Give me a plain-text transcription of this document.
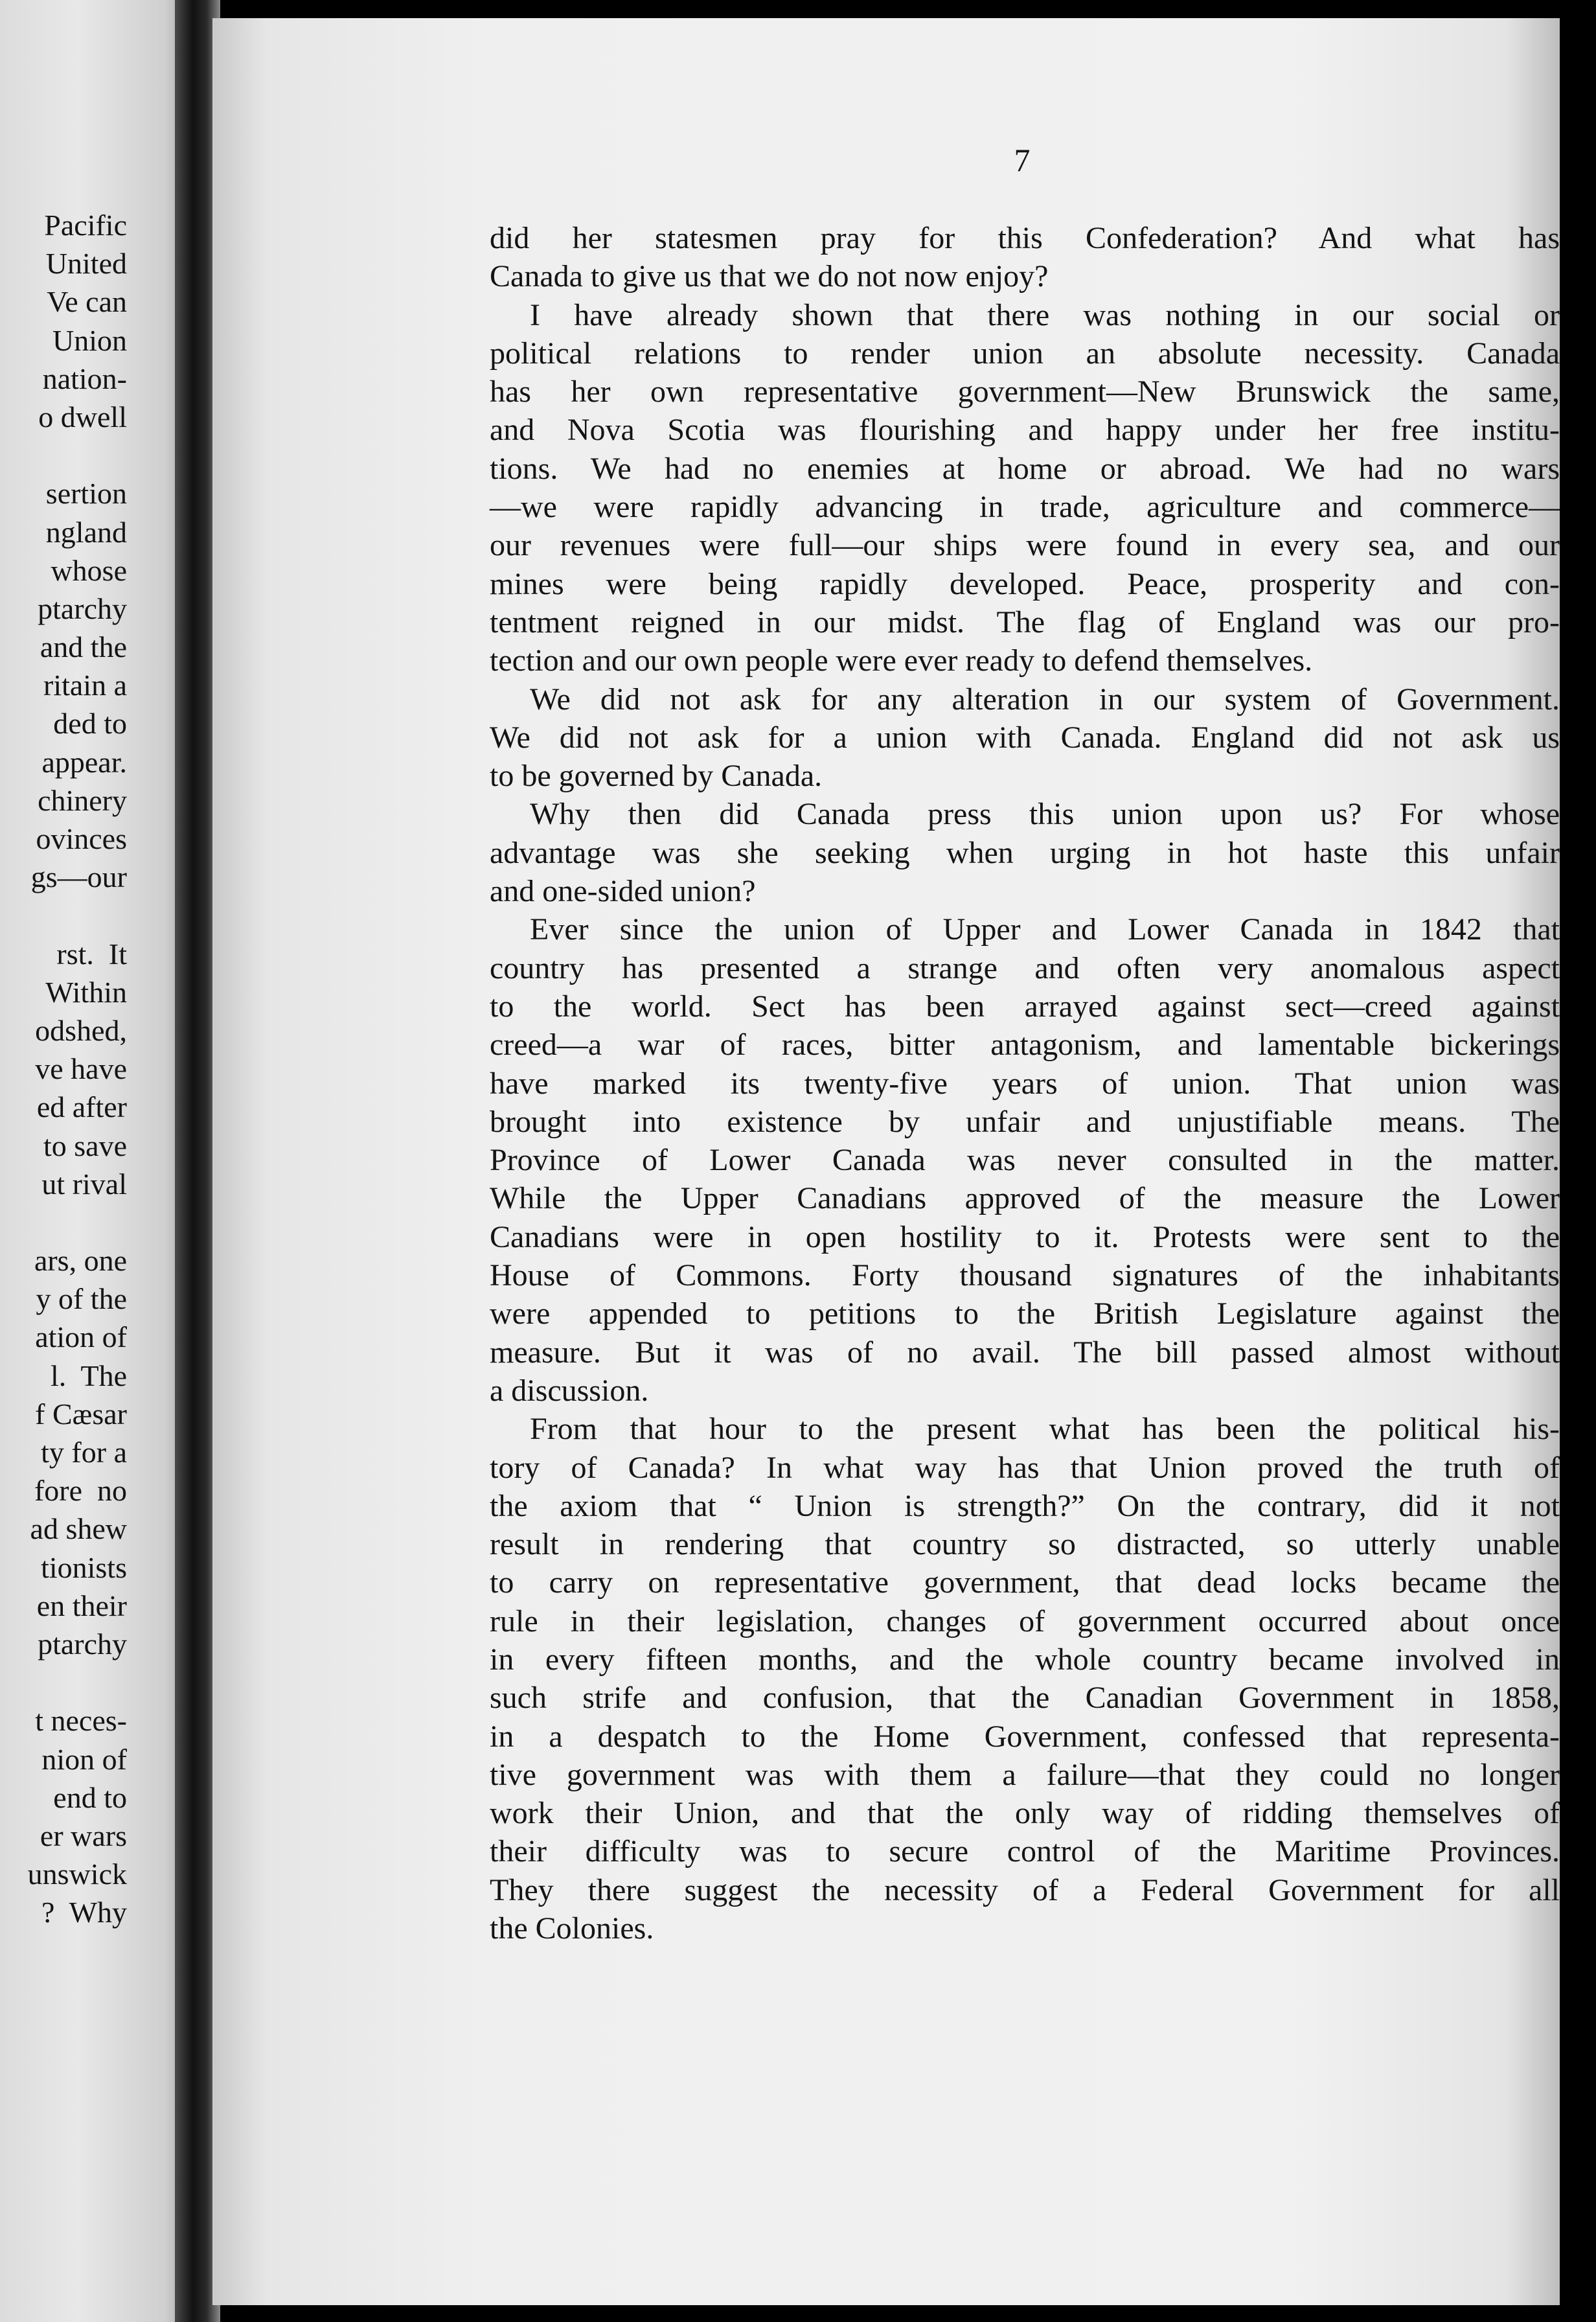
Pacific
United
Ve can
Union
nation-
o dwell
sertion
ngland
whose
ptarchy
and the
ritain a
ded to
appear.
chinery
ovinces
gs—our
rst.  It
Within
odshed,
ve have
ed after
to save
ut rival
ars, one
y of the
ation of
l.  The
f Cæsar
ty for a
fore  no
ad shew
tionists
en their
ptarchy
t neces-
nion of
end to
er wars
unswick
?  Why
7
did her statesmen pray for this Confederation? And what has
Canada to give us that we do not now enjoy?
I have already shown that there was nothing in our social or
political relations to render union an absolute necessity. Canada
has her own representative government—New Brunswick the same,
and Nova Scotia was flourishing and happy under her free institu-
tions. We had no enemies at home or abroad. We had no wars
—we were rapidly advancing in trade, agriculture and commerce—
our revenues were full—our ships were found in every sea, and our
mines were being rapidly developed. Peace, prosperity and con-
tentment reigned in our midst. The flag of England was our pro-
tection and our own people were ever ready to defend themselves.
We did not ask for any alteration in our system of Government.
We did not ask for a union with Canada. England did not ask us
to be governed by Canada.
Why then did Canada press this union upon us? For whose
advantage was she seeking when urging in hot haste this unfair
and one-sided union?
Ever since the union of Upper and Lower Canada in 1842 that
country has presented a strange and often very anomalous aspect
to the world. Sect has been arrayed against sect—creed against
creed—a war of races, bitter antagonism, and lamentable bickerings
have marked its twenty-five years of union. That union was
brought into existence by unfair and unjustifiable means. The
Province of Lower Canada was never consulted in the matter.
While the Upper Canadians approved of the measure the Lower
Canadians were in open hostility to it. Protests were sent to the
House of Commons. Forty thousand signatures of the inhabitants
were appended to petitions to the British Legislature against the
measure. But it was of no avail. The bill passed almost without
a discussion.
From that hour to the present what has been the political his-
tory of Canada? In what way has that Union proved the truth of
the axiom that “ Union is strength?” On the contrary, did it not
result in rendering that country so distracted, so utterly unable
to carry on representative government, that dead locks became the
rule in their legislation, changes of government occurred about once
in every fifteen months, and the whole country became involved in
such strife and confusion, that the Canadian Government in 1858,
in a despatch to the Home Government, confessed that representa-
tive government was with them a failure—that they could no longer
work their Union, and that the only way of ridding themselves of
their difficulty was to secure control of the Maritime Provinces.
They there suggest the necessity of a Federal Government for all
the Colonies.
